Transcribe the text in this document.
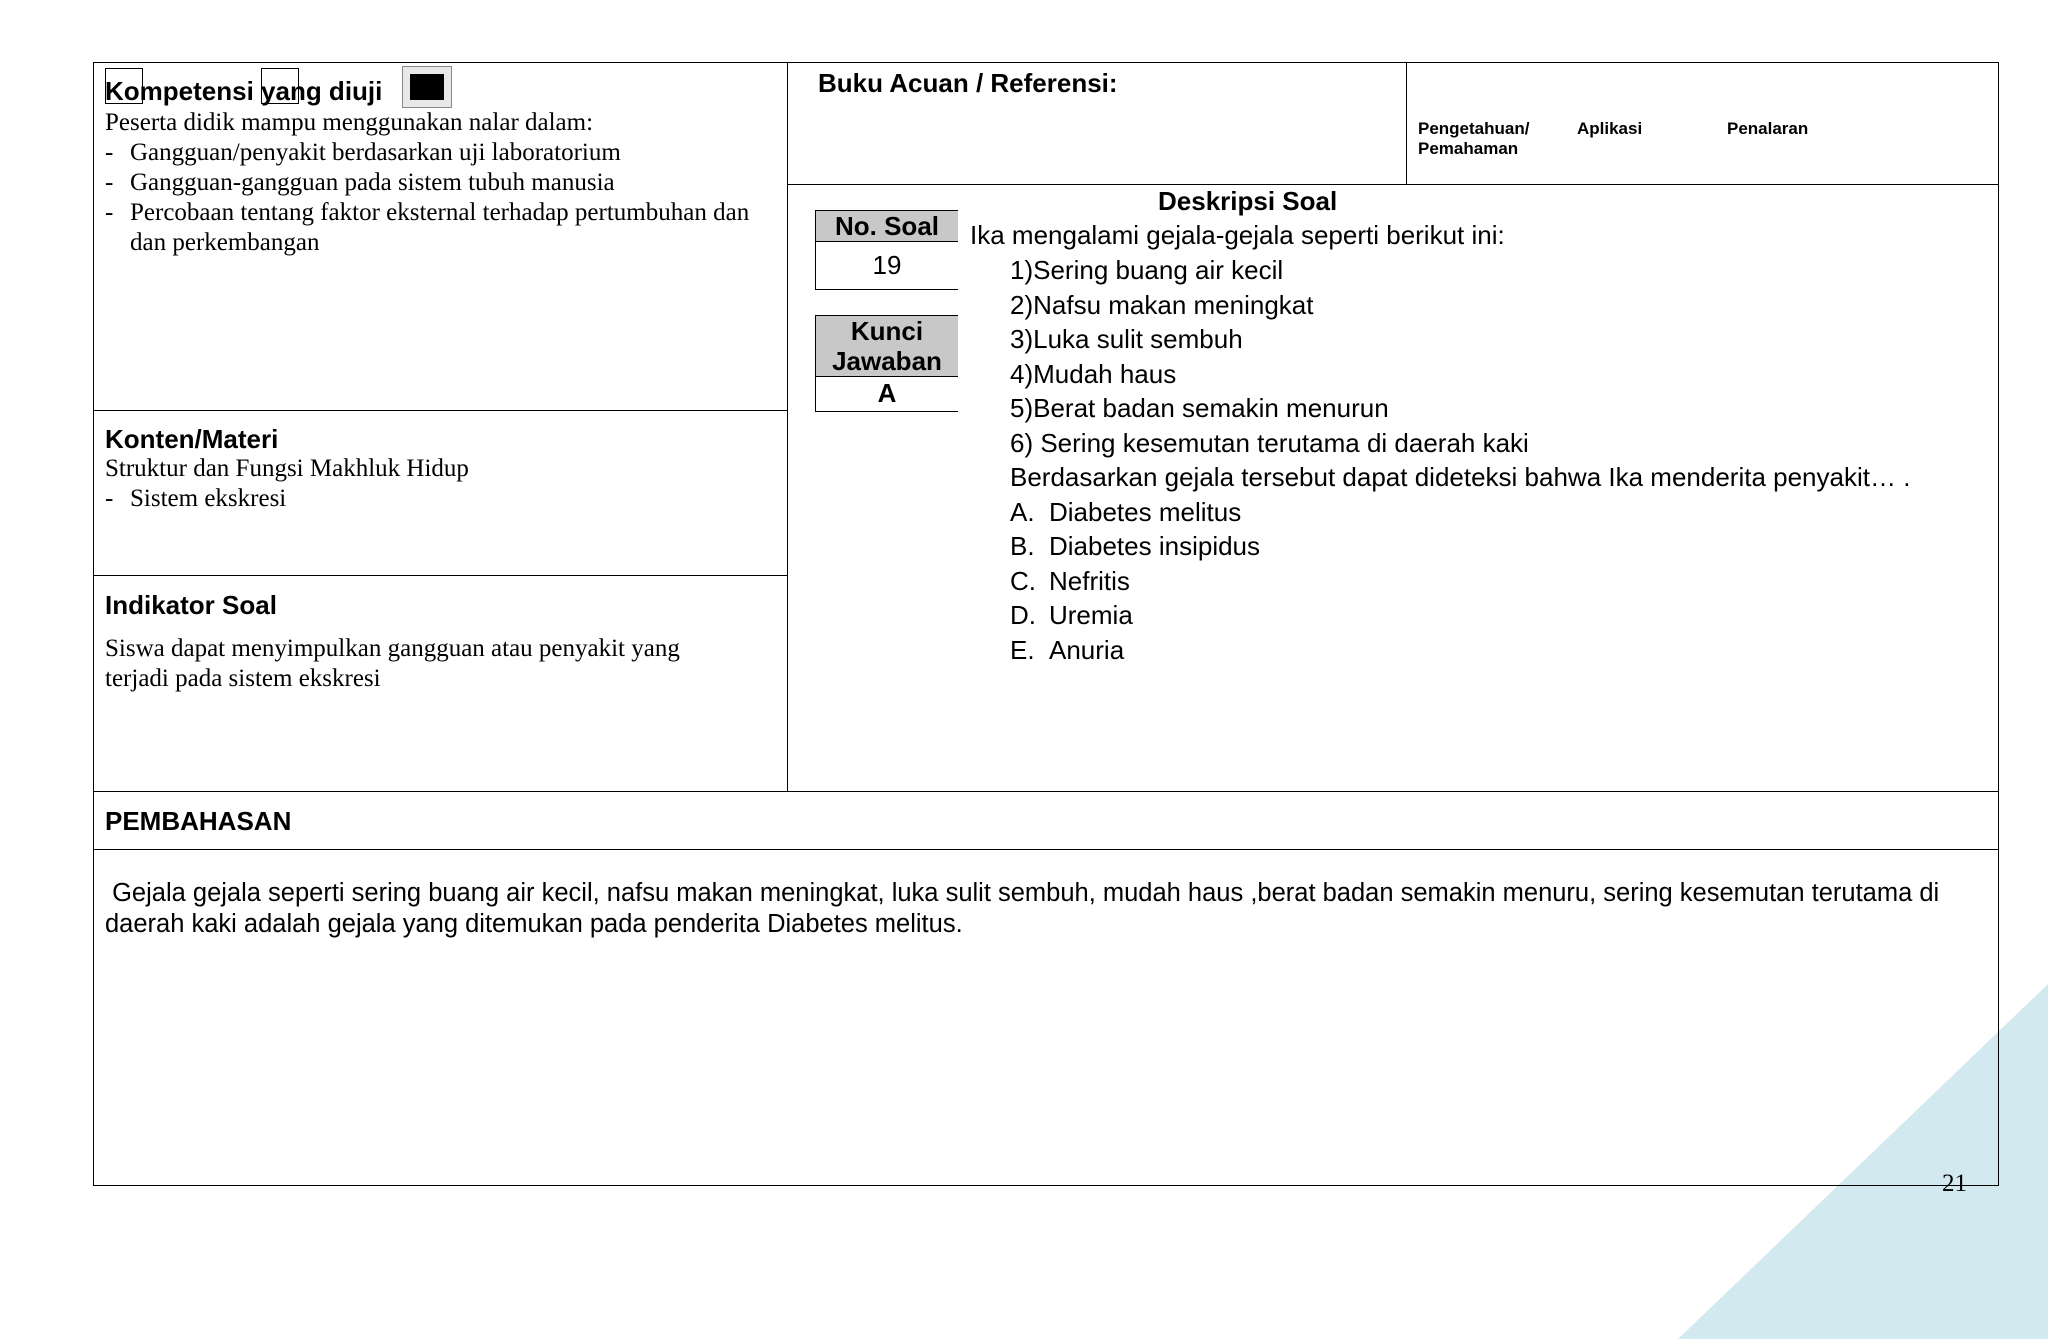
Kompetensi yang diuji
Peserta didik mampu menggunakan nalar dalam:
- Gangguan/penyakit berdasarkan uji laboratorium
- Gangguan-gangguan pada sistem tubuh manusia
- Percobaan tentang faktor eksternal terhadap pertumbuhan dan dan perkembangan
Konten/Materi
Struktur dan Fungsi Makhluk Hidup
- Sistem ekskresi
Indikator Soal
Siswa dapat menyimpulkan gangguan atau penyakit yang terjadi pada sistem ekskresi
Buku Acuan / Referensi:
Pengetahuan/ Pemahaman
Aplikasi	Penalaran
Deskripsi Soal
No. Soal
19
Kunci Jawaban
A
Ika mengalami gejala-gejala seperti berikut ini:
1)Sering buang air kecil
2)Nafsu makan meningkat
3)Luka sulit sembuh
4)Mudah haus
5)Berat badan semakin menurun
6) Sering kesemutan terutama di daerah kaki
Berdasarkan gejala tersebut dapat dideteksi bahwa Ika menderita penyakit… .
A. Diabetes melitus
B. Diabetes insipidus
C. Nefritis
D. Uremia
E. Anuria
PEMBAHASAN
Gejala gejala seperti sering buang air kecil, nafsu makan meningkat, luka sulit sembuh, mudah haus ,berat badan semakin menuru, sering kesemutan terutama di daerah kaki adalah gejala yang ditemukan pada penderita Diabetes melitus.
21
